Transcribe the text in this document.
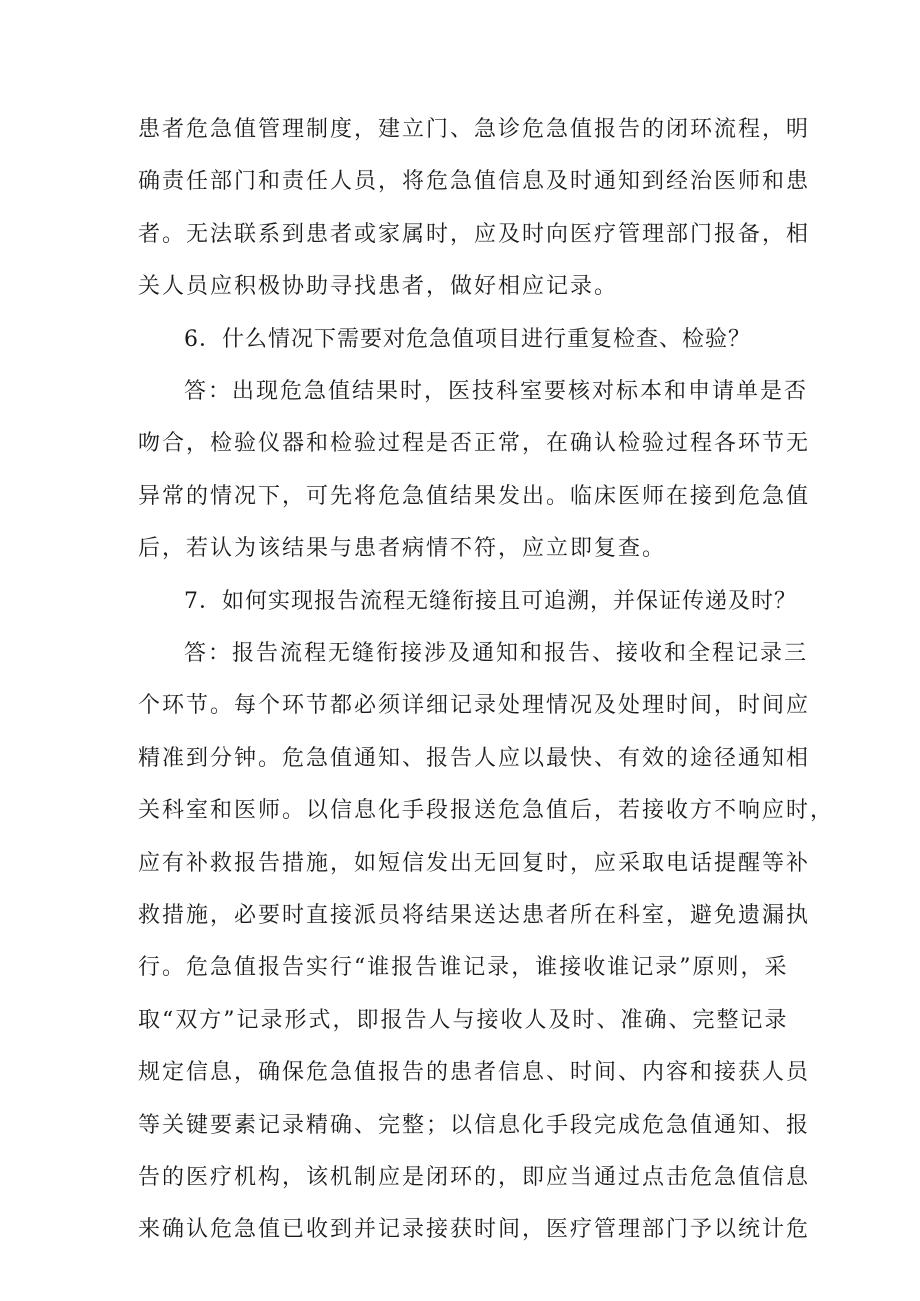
患者危急值管理制度，建立门、急诊危急值报告的闭环流程，明
确责任部门和责任人员，将危急值信息及时通知到经治医师和患
者。无法联系到患者或家属时，应及时向医疗管理部门报备，相
关人员应积极协助寻找患者，做好相应记录。
6．什么情况下需要对危急值项目进行重复检查、检验？
答：出现危急值结果时，医技科室要核对标本和申请单是否
吻合，检验仪器和检验过程是否正常，在确认检验过程各环节无
异常的情况下，可先将危急值结果发出。临床医师在接到危急值
后，若认为该结果与患者病情不符，应立即复查。
7．如何实现报告流程无缝衔接且可追溯，并保证传递及时？
答：报告流程无缝衔接涉及通知和报告、接收和全程记录三
个环节。每个环节都必须详细记录处理情况及处理时间，时间应
精准到分钟。危急值通知、报告人应以最快、有效的途径通知相
关科室和医师。以信息化手段报送危急值后，若接收方不响应时，
应有补救报告措施，如短信发出无回复时，应采取电话提醒等补
救措施，必要时直接派员将结果送达患者所在科室，避免遗漏执
行。危急值报告实行“谁报告谁记录，谁接收谁记录”原则，采
取“双方”记录形式，即报告人与接收人及时、准确、完整记录
规定信息，确保危急值报告的患者信息、时间、内容和接获人员
等关键要素记录精确、完整；以信息化手段完成危急值通知、报
告的医疗机构，该机制应是闭环的，即应当通过点击危急值信息
来确认危急值已收到并记录接获时间，医疗管理部门予以统计危
